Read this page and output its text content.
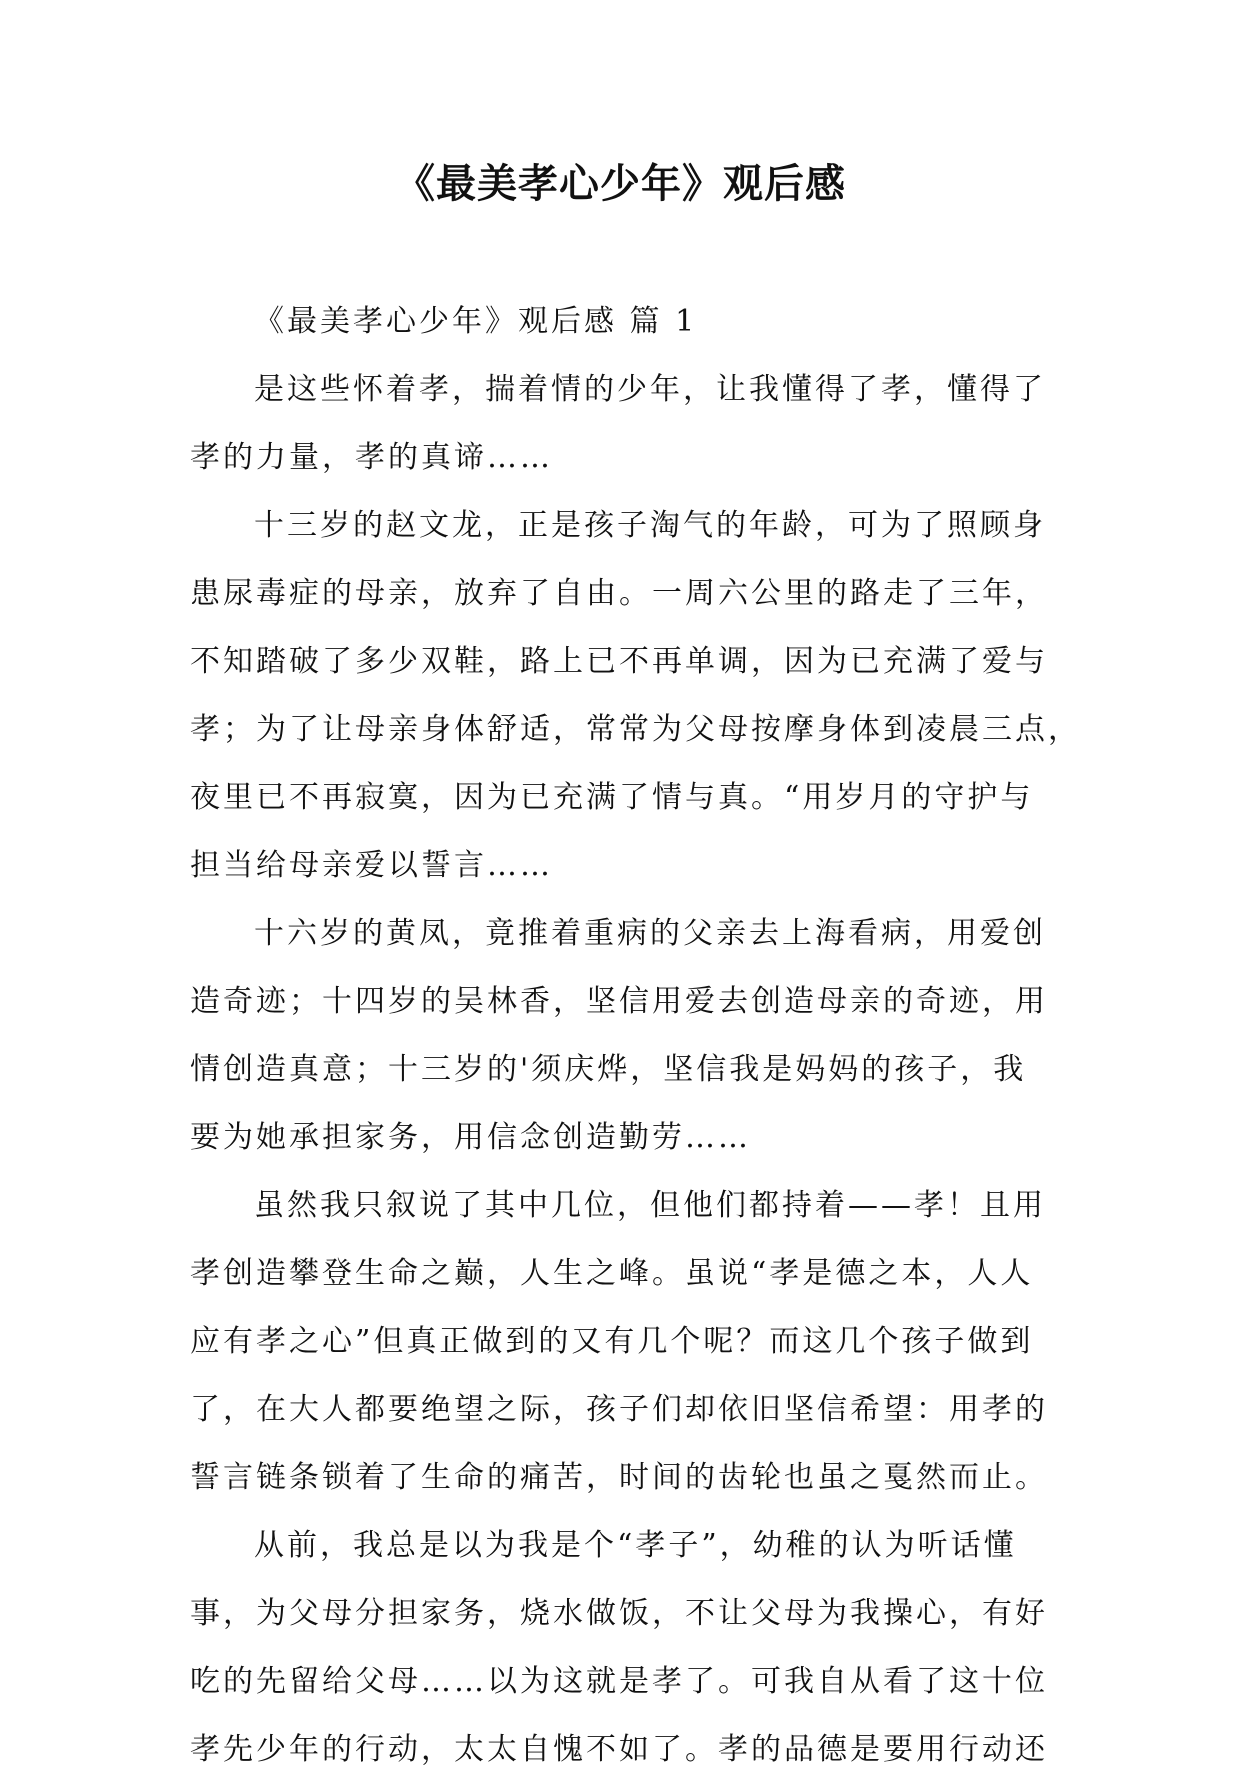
《最美孝心少年》观后感
《最美孝心少年》观后感 篇 1
是这些怀着孝，揣着情的少年，让我懂得了孝，懂得了
孝的力量，孝的真谛……
十三岁的赵文龙，正是孩子淘气的年龄，可为了照顾身
患尿毒症的母亲，放弃了自由。一周六公里的路走了三年，
不知踏破了多少双鞋，路上已不再单调，因为已充满了爱与
孝；为了让母亲身体舒适，常常为父母按摩身体到凌晨三点，
夜里已不再寂寞，因为已充满了情与真。“用岁月的守护与
担当给母亲爱以誓言……
十六岁的黄凤，竟推着重病的父亲去上海看病，用爱创
造奇迹；十四岁的吴林香，坚信用爱去创造母亲的奇迹，用
情创造真意；十三岁的'须庆烨，坚信我是妈妈的孩子，我
要为她承担家务，用信念创造勤劳……
虽然我只叙说了其中几位，但他们都持着——孝！且用
孝创造攀登生命之巅，人生之峰。虽说“孝是德之本，人人
应有孝之心”但真正做到的又有几个呢？而这几个孩子做到
了，在大人都要绝望之际，孩子们却依旧坚信希望：用孝的
誓言链条锁着了生命的痛苦，时间的齿轮也虽之戛然而止。
从前，我总是以为我是个“孝子”，幼稚的认为听话懂
事，为父母分担家务，烧水做饭，不让父母为我操心，有好
吃的先留给父母……以为这就是孝了。可我自从看了这十位
孝先少年的行动，太太自愧不如了。孝的品德是要用行动还
